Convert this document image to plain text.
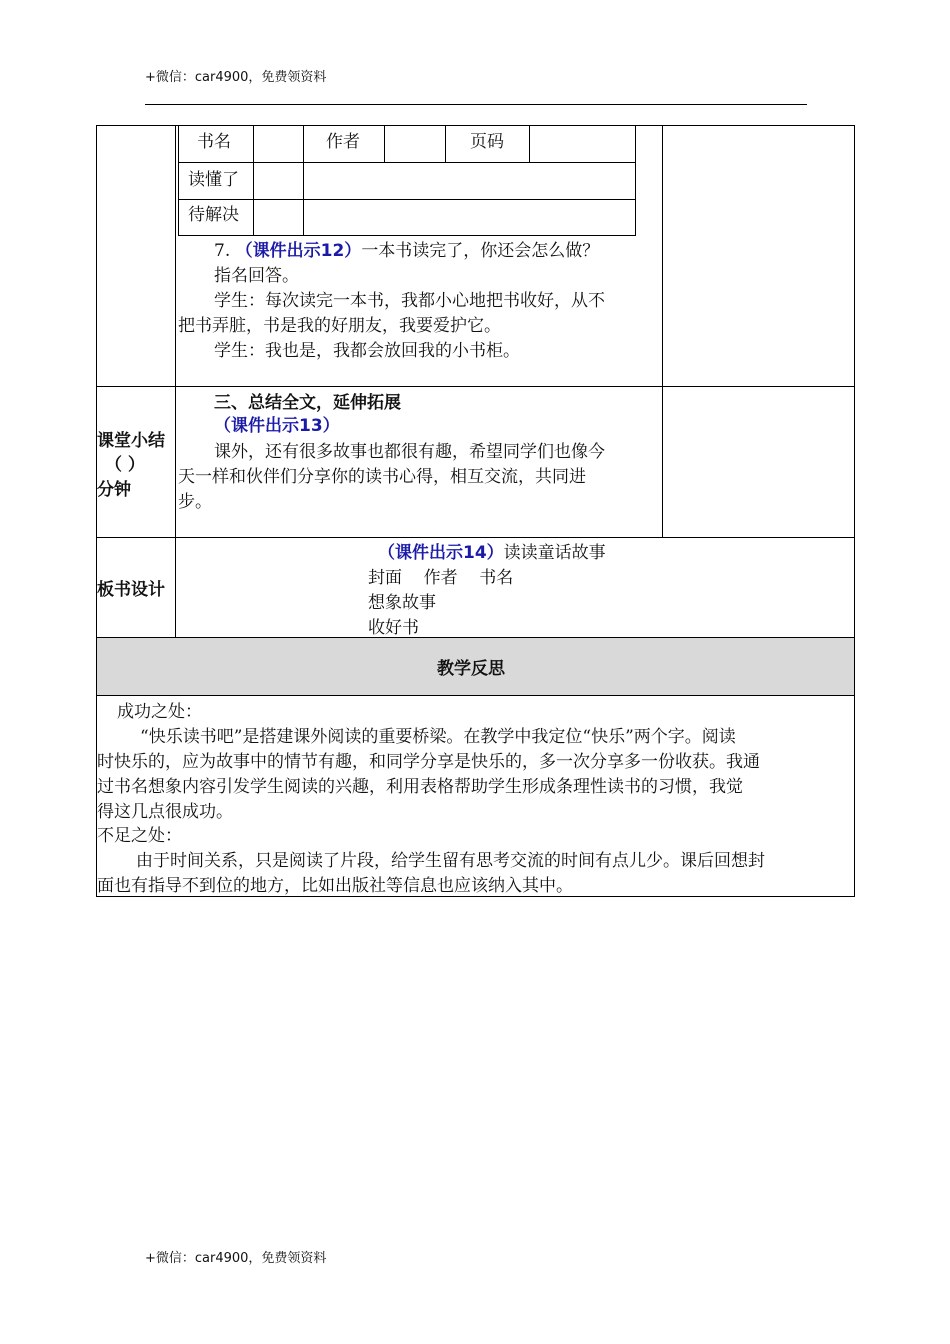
+微信：car4900，免费领资料
书名	作者	页码
读懂了
待解决
7. （课件出示12）一本书读完了，你还会怎么做？
指名回答。
学生：每次读完一本书，我都小心地把书收好，从不
把书弄脏，书是我的好朋友，我要爱护它。
学生：我也是，我都会放回我的小书柜。
课堂小结
（ ）
分钟
三、总结全文，延伸拓展
（课件出示13）
课外，还有很多故事也都很有趣，希望同学们也像今
天一样和伙伴们分享你的读书心得，相互交流，共同进
步。
板书设计
（课件出示14）读读童话故事
封面    作者    书名
想象故事
收好书
教学反思
成功之处：
“快乐读书吧”是搭建课外阅读的重要桥梁。在教学中我定位“快乐”两个字。阅读
时快乐的，应为故事中的情节有趣，和同学分享是快乐的，多一次分享多一份收获。我通
过书名想象内容引发学生阅读的兴趣，利用表格帮助学生形成条理性读书的习惯，我觉
得这几点很成功。
不足之处：
由于时间关系，只是阅读了片段，给学生留有思考交流的时间有点儿少。课后回想封
面也有指导不到位的地方，比如出版社等信息也应该纳入其中。
+微信：car4900，免费领资料
